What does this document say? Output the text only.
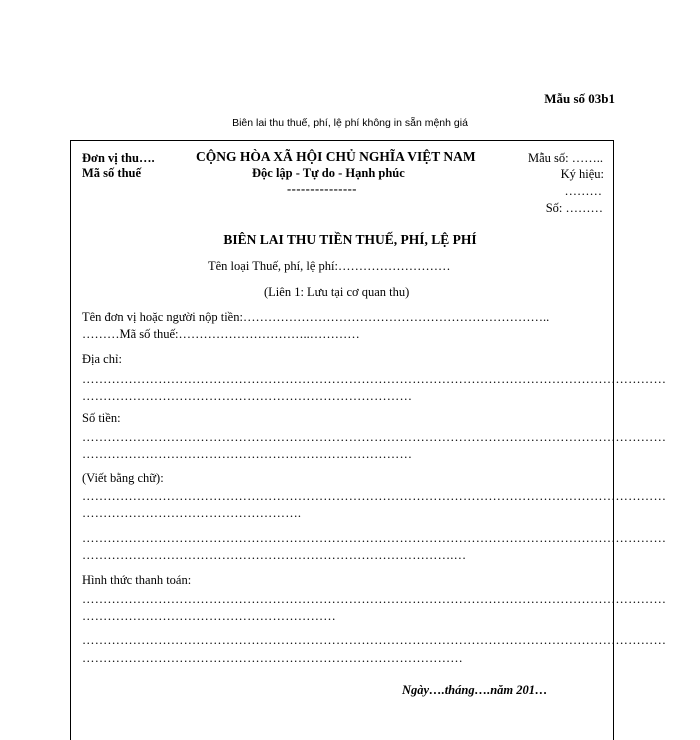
Mẫu số 03b1
Biên lai thu thuế, phí, lệ phí không in sẵn mệnh giá
Đơn vị thu….
Mã số thuế
CỘNG HÒA XÃ HỘI CHỦ NGHĨA VIỆT NAM
Độc lập - Tự do - Hạnh phúc
---------------
Mẫu số: ……..
Ký hiệu:
………
Số: ………
BIÊN LAI THU TIỀN THUẾ, PHÍ, LỆ PHÍ
Tên loại Thuế, phí, lệ phí:………………………
(Liên 1: Lưu tại cơ quan thu)
Tên đơn vị hoặc người nộp tiền:………………………………………………………………..
………Mã số thuế:…………………………..…………
Địa chỉ:
…………………………………………………………………………………………………………………………
……………………………………………………………………
Số tiền:
…………………………………………………………………………………………………………………………
……………………………………………………………………
(Viết bằng chữ):
…………………………………………………………………………………………………………………………
…………………………………………….
…………………………………………………………………………………………………………………………
…………………………………………………………………………….…
Hình thức thanh toán:
…………………………………………………………………………………………………………………………
……………………………………………………
…………………………………………………………………………………………………………………………
………………………………………………………………………………
Ngày….tháng….năm 201…
